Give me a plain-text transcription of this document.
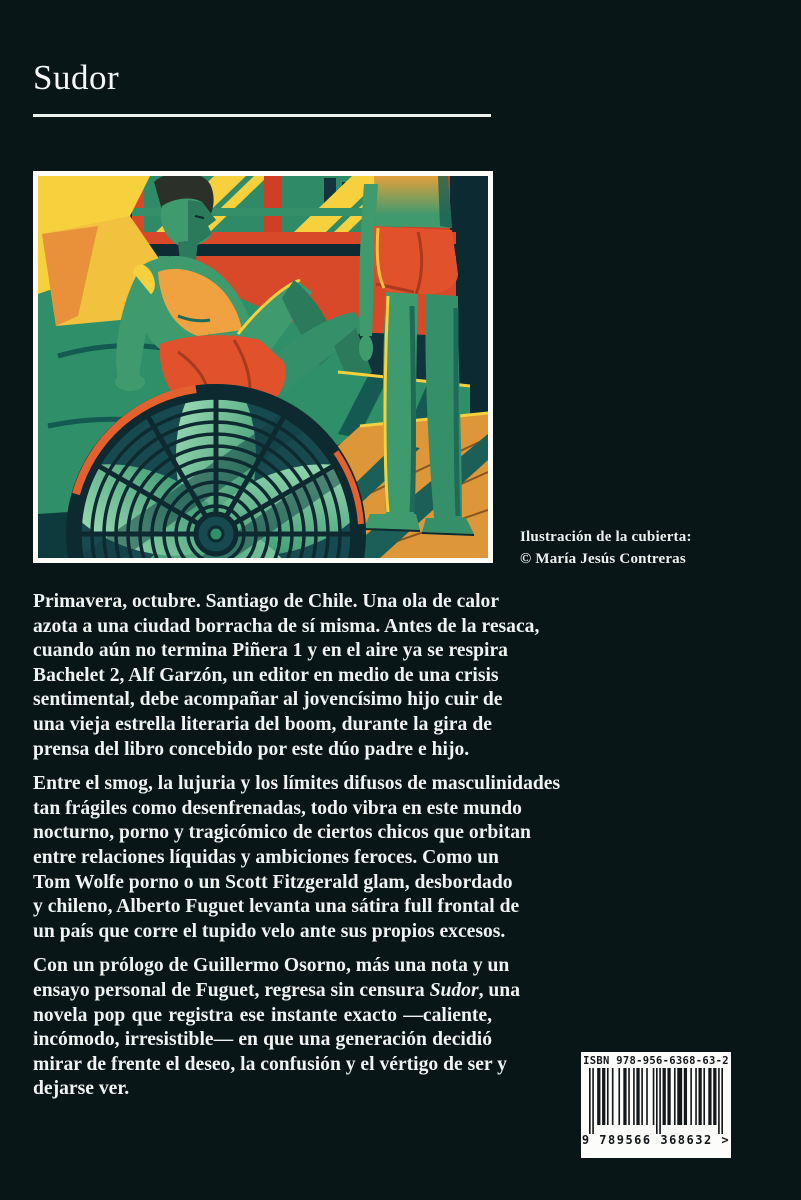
Sudor
Ilustración de la cubierta:
© María Jesús Contreras
Primavera, octubre. Santiago de Chile. Una ola de calor
azota a una ciudad borracha de sí misma. Antes de la resaca,
cuando aún no termina Piñera 1 y en el aire ya se respira
Bachelet 2, Alf Garzón, un editor en medio de una crisis
sentimental, debe acompañar al jovencísimo hijo cuir de
una vieja estrella literaria del boom, durante la gira de
prensa del libro concebido por este dúo padre e hijo.
Entre el smog, la lujuria y los límites difusos de masculinidades
tan frágiles como desenfrenadas, todo vibra en este mundo
nocturno, porno y tragicómico de ciertos chicos que orbitan
entre relaciones líquidas y ambiciones feroces. Como un
Tom Wolfe porno o un Scott Fitzgerald glam, desbordado
y chileno, Alberto Fuguet levanta una sátira full frontal de
un país que corre el tupido velo ante sus propios excesos.
Con un prólogo de Guillermo Osorno, más una nota y un
ensayo personal de Fuguet, regresa sin censura Sudor, una
novela pop que registra ese instante exacto —caliente,
incómodo, irresistible— en que una generación decidió
mirar de frente el deseo, la confusión y el vértigo de ser y
dejarse ver.
ISBN 978-956-6368-63-2
9 789566 368632 >
